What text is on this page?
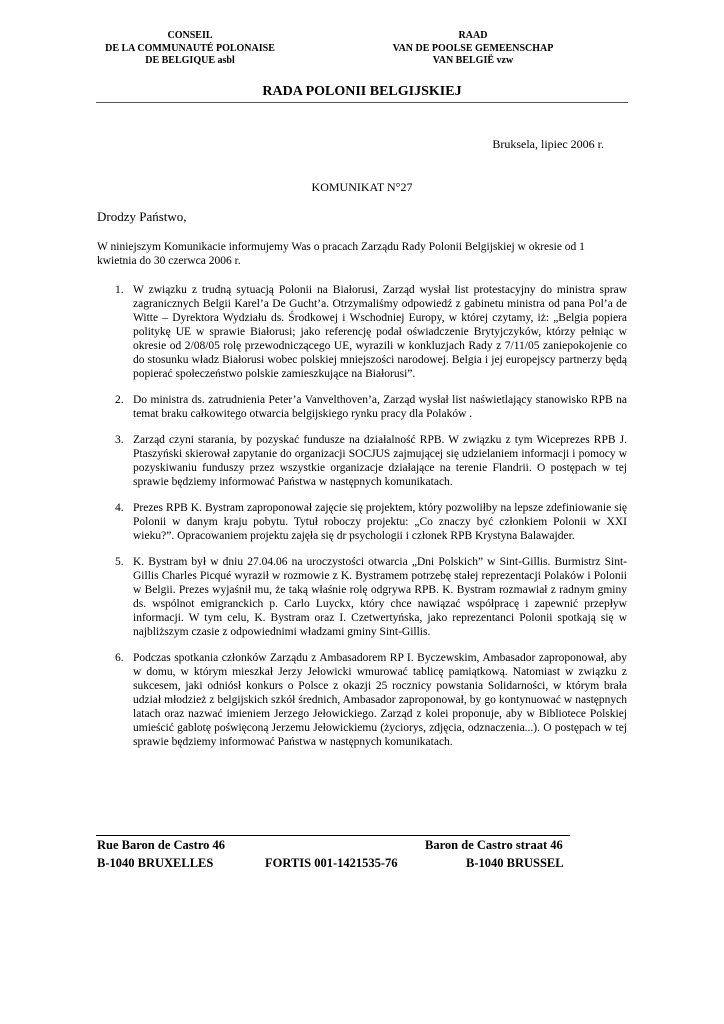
CONSEIL
DE LA COMMUNAUTÉ POLONAISE
DE BELGIQUE asbl
RAAD
VAN DE POOLSE GEMEENSCHAP
VAN BELGIË vzw
RADA POLONII BELGIJSKIEJ
Bruksela, lipiec 2006 r.
KOMUNIKAT N°27
Drodzy Państwo,
W niniejszym Komunikacie informujemy Was o pracach Zarządu Rady Polonii Belgijskiej w okresie od 1 kwietnia do 30 czerwca 2006 r.
1. W związku z trudną sytuacją Polonii na Białorusi, Zarząd wysłał list protestacyjny do ministra spraw zagranicznych Belgii Karel’a De Gucht’a. Otrzymaliśmy odpowiedź z gabinetu ministra od pana Pol’a de Witte – Dyrektora Wydziału ds. Środkowej i Wschodniej Europy, w której czytamy, iż: „Belgia popiera politykę UE w sprawie Białorusi; jako referencję podał oświadczenie Brytyjczyków, którzy pełniąc w okresie od 2/08/05 rolę przewodniczącego UE, wyrazili w konkluzjach Rady z 7/11/05 zaniepokojenie co do stosunku władz Białorusi wobec polskiej mniejszości narodowej. Belgia i jej europejscy partnerzy będą popierać społeczeństwo polskie zamieszkujące na Białorusi”.
2. Do ministra ds. zatrudnienia Peter’a Vanvelthoven’a, Zarząd wysłał list naświetlający stanowisko RPB na temat braku całkowitego otwarcia belgijskiego rynku pracy dla Polaków .
3. Zarząd czyni starania, by pozyskać fundusze na działalność RPB. W związku z tym Wiceprezes RPB J. Ptaszyński skierował zapytanie do organizacji SOCJUS zajmującej się udzielaniem informacji i pomocy w pozyskiwaniu funduszy przez wszystkie organizacje działające na terenie Flandrii. O postępach w tej sprawie będziemy informować Państwa w następnych komunikatach.
4. Prezes RPB K. Bystram zaproponował zajęcie się projektem, który pozwoliłby na lepsze zdefiniowanie się Polonii w danym kraju pobytu. Tytuł roboczy projektu: „Co znaczy być członkiem Polonii w XXI wieku?”. Opracowaniem projektu zajęła się dr psychologii i członek RPB Krystyna Balawajder.
5. K. Bystram był w dniu 27.04.06 na uroczystości otwarcia „Dni Polskich” w Sint-Gillis. Burmistrz Sint-Gillis Charles Picqué wyraził w rozmowie z K. Bystramem potrzebę stałej reprezentacji Polaków i Polonii w Belgii. Prezes wyjaśnił mu, że taką właśnie rolę odgrywa RPB. K. Bystram rozmawiał z radnym gminy ds. wspólnot emigranckich p. Carlo Luyckx, który chce nawiązać współpracę i zapewnić przepływ informacji. W tym celu, K. Bystram oraz I. Czetwertyńska, jako reprezentanci Polonii spotkają się w najbliższym czasie z odpowiednimi władzami gminy Sint-Gillis.
6. Podczas spotkania członków Zarządu z Ambasadorem RP I. Byczewskim, Ambasador zaproponował, aby w domu, w którym mieszkał Jerzy Jełowicki wmurować tablicę pamiątkową. Natomiast w związku z sukcesem, jaki odniósł konkurs o Polsce z okazji 25 rocznicy powstania Solidarności, w którym brała udział młodzież z belgijskich szkół średnich, Ambasador zaproponował, by go kontynuować w następnych latach oraz nazwać imieniem Jerzego Jełowickiego. Zarząd z kolei proponuje, aby w Bibliotece Polskiej umieścić gablotę poświęconą Jerzemu Jełowickiemu (życiorys, zdjęcia, odznaczenia...). O postępach w tej sprawie będziemy informować Państwa w następnych komunikatach.
Rue Baron de Castro 46	Baron de Castro straat 46
B-1040 BRUXELLES	FORTIS 001-1421535-76	B-1040 BRUSSEL
